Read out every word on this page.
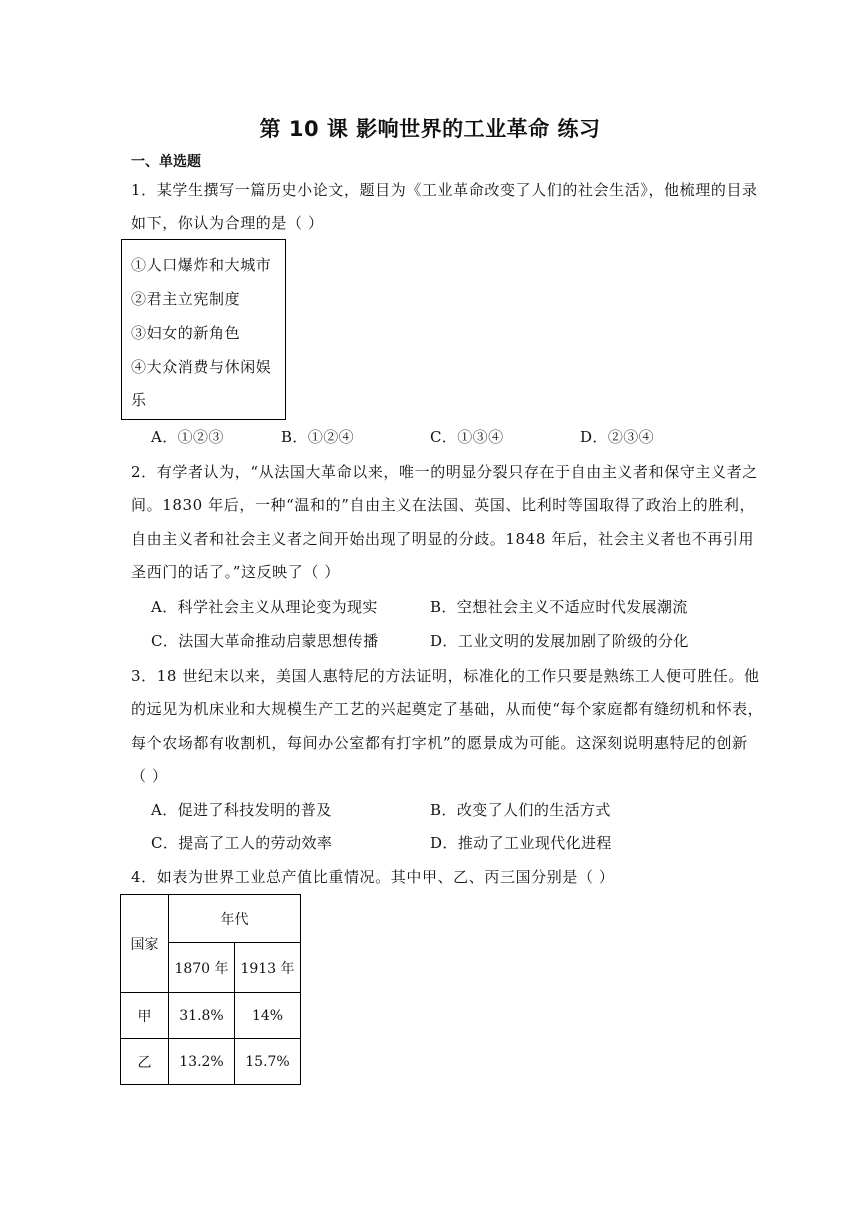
第 10 课 影响世界的工业革命 练习
一、单选题
1．某学生撰写一篇历史小论文，题目为《工业革命改变了人们的社会生活》，他梳理的目录
如下，你认为合理的是（ ）
①人口爆炸和大城市
②君主立宪制度
③妇女的新角色
④大众消费与休闲娱
乐
A．①②③	B．①②④	C．①③④	D．②③④
2．有学者认为，“从法国大革命以来，唯一的明显分裂只存在于自由主义者和保守主义者之
间。1830 年后，一种“温和的”自由主义在法国、英国、比利时等国取得了政治上的胜利，
自由主义者和社会主义者之间开始出现了明显的分歧。1848 年后，社会主义者也不再引用
圣西门的话了。”这反映了（ ）
A．科学社会主义从理论变为现实	B．空想社会主义不适应时代发展潮流
C．法国大革命推动启蒙思想传播	D．工业文明的发展加剧了阶级的分化
3．18 世纪末以来，美国人惠特尼的方法证明，标准化的工作只要是熟练工人便可胜任。他
的远见为机床业和大规模生产工艺的兴起奠定了基础，从而使“每个家庭都有缝纫机和怀表，
每个农场都有收割机，每间办公室都有打字机”的愿景成为可能。这深刻说明惠特尼的创新
（ ）
A．促进了科技发明的普及	B．改变了人们的生活方式
C．提高了工人的劳动效率	D．推动了工业现代化进程
4．如表为世界工业总产值比重情况。其中甲、乙、丙三国分别是（ ）
国家	年代	
	1870 年	1913 年
甲	31.8%	14%
乙	13.2%	15.7%
